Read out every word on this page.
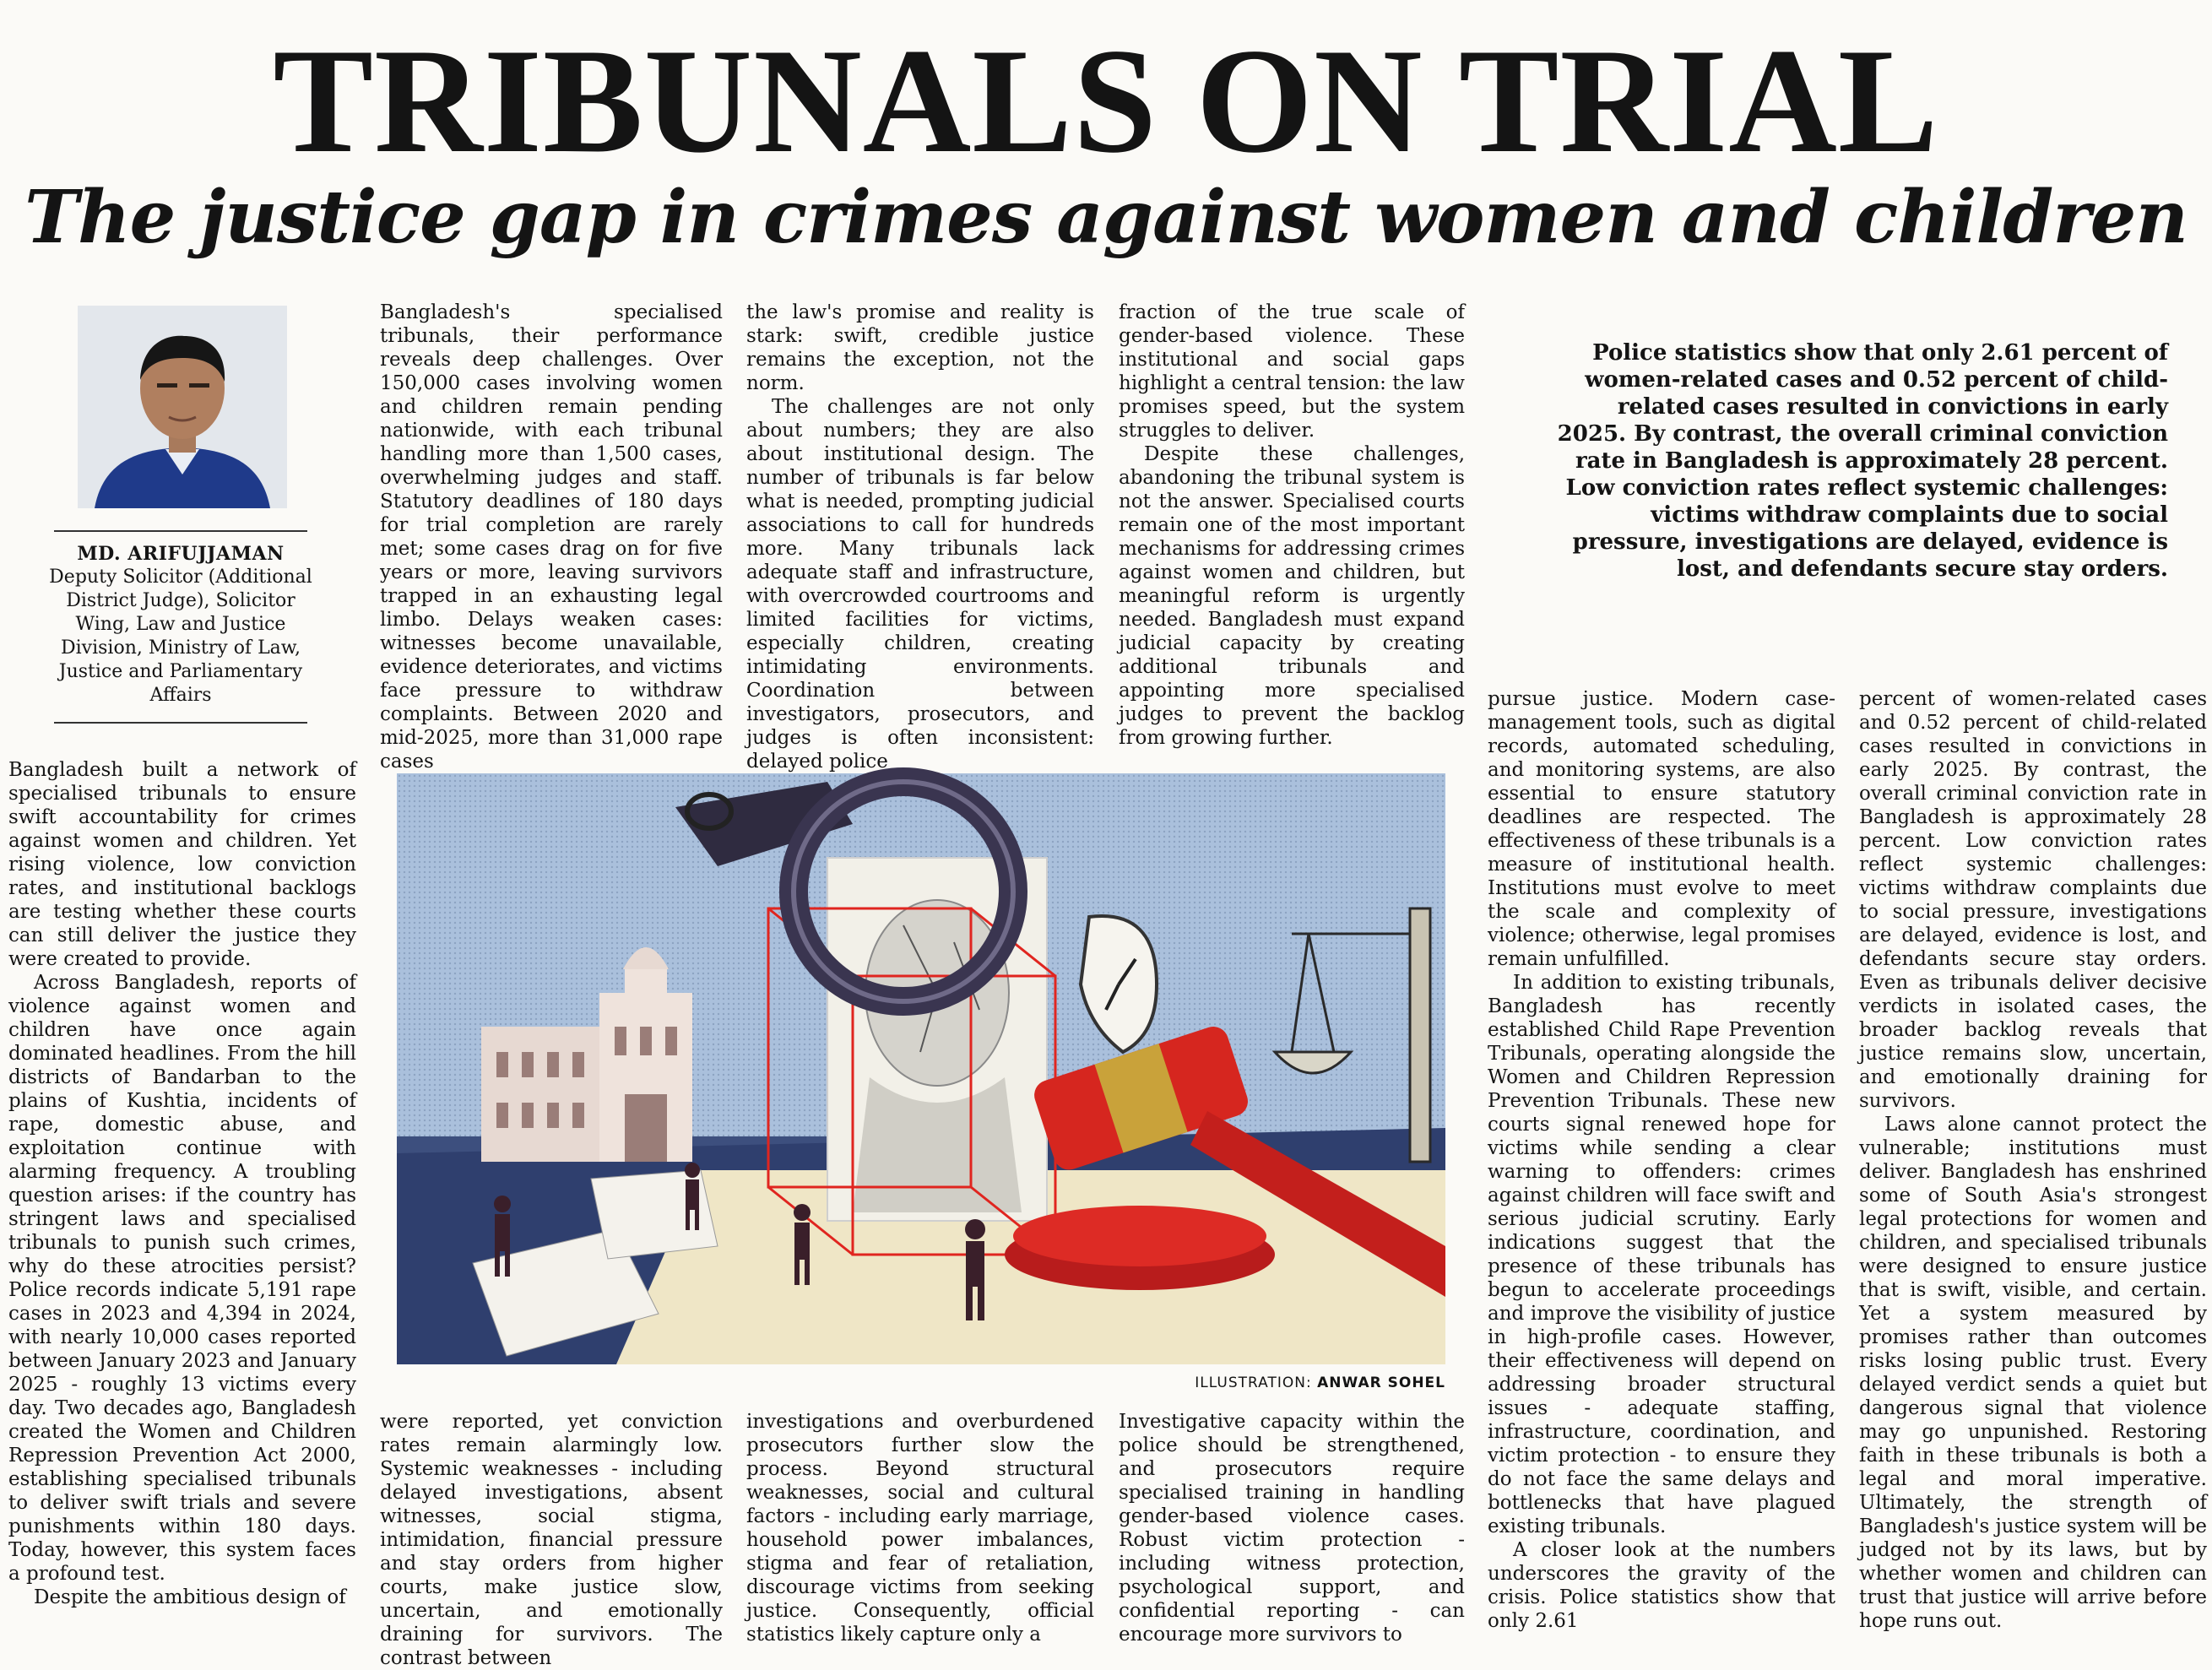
TRIBUNALS ON TRIAL
The justice gap in crimes against women and children
MD. ARIFUJJAMAN
Deputy Solicitor (Additional District Judge), Solicitor Wing, Law and Justice Division, Ministry of Law, Justice and Parliamentary Affairs

Bangladesh's specialised tribunals, their performance reveals deep challenges. Over 150,000 cases involving women and children remain pending nationwide, with each tribunal handling more than 1,500 cases, overwhelming judges and staff. Statutory deadlines of 180 days for trial completion are rarely met; some cases drag on for five years or more, leaving survivors trapped in an exhausting legal limbo. Delays weaken cases: witnesses become unavailable, evidence deteriorates, and victims face pressure to withdraw complaints. Between 2020 and mid-2025, more than 31,000 rape cases

the law's promise and reality is stark: swift, credible justice remains the exception, not the norm.

The challenges are not only about numbers; they are also about institutional design. The number of tribunals is far below what is needed, prompting judicial associations to call for hundreds more. Many tribunals lack adequate staff and infrastructure, with overcrowded courtrooms and limited facilities for victims, especially children, creating intimidating environments. Coordination between investigators, prosecutors, and judges is often inconsistent: delayed police

fraction of the true scale of gender-based violence. These institutional and social gaps highlight a central tension: the law promises speed, but the system struggles to deliver.

Despite these challenges, abandoning the tribunal system is not the answer. Specialised courts remain one of the most important mechanisms for addressing crimes against women and children, but meaningful reform is urgently needed. Bangladesh must expand judicial capacity by creating additional tribunals and appointing more specialised judges to prevent the backlog from growing further.

Police statistics show that only 2.61 percent of women-related cases and 0.52 percent of child-related cases resulted in convictions in early 2025. By contrast, the overall criminal conviction rate in Bangladesh is approximately 28 percent. Low conviction rates reflect systemic challenges: victims withdraw complaints due to social pressure, investigations are delayed, evidence is lost, and defendants secure stay orders.

Bangladesh built a network of specialised tribunals to ensure swift accountability for crimes against women and children. Yet rising violence, low conviction rates, and institutional backlogs are testing whether these courts can still deliver the justice they were created to provide.

Across Bangladesh, reports of violence against women and children have once again dominated headlines. From the hill districts of Bandarban to the plains of Kushtia, incidents of rape, domestic abuse, and exploitation continue with alarming frequency. A troubling question arises: if the country has stringent laws and specialised tribunals to punish such crimes, why do these atrocities persist? Police records indicate 5,191 rape cases in 2023 and 4,394 in 2024, with nearly 10,000 cases reported between January 2023 and January 2025 - roughly 13 victims every day. Two decades ago, Bangladesh created the Women and Children Repression Prevention Act 2000, establishing specialised tribunals to deliver swift trials and severe punishments within 180 days. Today, however, this system faces a profound test.

Despite the ambitious design of

ILLUSTRATION: ANWAR SOHEL

were reported, yet conviction rates remain alarmingly low. Systemic weaknesses - including delayed investigations, absent witnesses, social stigma, intimidation, financial pressure and stay orders from higher courts, make justice slow, uncertain, and emotionally draining for survivors. The contrast between

investigations and overburdened prosecutors further slow the process. Beyond structural weaknesses, social and cultural factors - including early marriage, household power imbalances, stigma and fear of retaliation, discourage victims from seeking justice. Consequently, official statistics likely capture only a

Investigative capacity within the police should be strengthened, and prosecutors require specialised training in handling gender-based violence cases. Robust victim protection - including witness protection, psychological support, and confidential reporting - can encourage more survivors to

pursue justice. Modern case-management tools, such as digital records, automated scheduling, and monitoring systems, are also essential to ensure statutory deadlines are respected. The effectiveness of these tribunals is a measure of institutional health. Institutions must evolve to meet the scale and complexity of violence; otherwise, legal promises remain unfulfilled.

In addition to existing tribunals, Bangladesh has recently established Child Rape Prevention Tribunals, operating alongside the Women and Children Repression Prevention Tribunals. These new courts signal renewed hope for victims while sending a clear warning to offenders: crimes against children will face swift and serious judicial scrutiny. Early indications suggest that the presence of these tribunals has begun to accelerate proceedings and improve the visibility of justice in high-profile cases. However, their effectiveness will depend on addressing broader structural issues - adequate staffing, infrastructure, coordination, and victim protection - to ensure they do not face the same delays and bottlenecks that have plagued existing tribunals.

A closer look at the numbers underscores the gravity of the crisis. Police statistics show that only 2.61

percent of women-related cases and 0.52 percent of child-related cases resulted in convictions in early 2025. By contrast, the overall criminal conviction rate in Bangladesh is approximately 28 percent. Low conviction rates reflect systemic challenges: victims withdraw complaints due to social pressure, investigations are delayed, evidence is lost, and defendants secure stay orders. Even as tribunals deliver decisive verdicts in isolated cases, the broader backlog reveals that justice remains slow, uncertain, and emotionally draining for survivors.

Laws alone cannot protect the vulnerable; institutions must deliver. Bangladesh has enshrined some of South Asia's strongest legal protections for women and children, and specialised tribunals were designed to ensure justice that is swift, visible, and certain. Yet a system measured by promises rather than outcomes risks losing public trust. Every delayed verdict sends a quiet but dangerous signal that violence may go unpunished. Restoring faith in these tribunals is both a legal and moral imperative. Ultimately, the strength of Bangladesh's justice system will be judged not by its laws, but by whether women and children can trust that justice will arrive before hope runs out.
